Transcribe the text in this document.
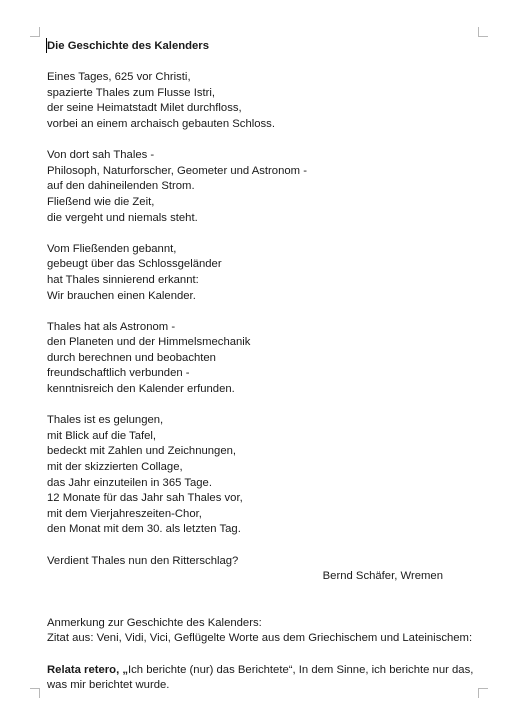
Die Geschichte des Kalenders
Eines Tages, 625 vor Christi,
spazierte Thales zum Flusse Istri,
der seine Heimatstadt Milet durchfloss,
vorbei an einem archaisch gebauten Schloss.
Von dort sah Thales -
Philosoph, Naturforscher, Geometer und Astronom -
auf den dahineilenden Strom.
Fließend wie die Zeit,
die vergeht und niemals steht.
Vom Fließenden gebannt,
gebeugt über das Schlossgeländer
hat Thales sinnierend erkannt:
Wir brauchen einen Kalender.
Thales hat als Astronom -
den Planeten und der Himmelsmechanik
durch berechnen und beobachten
freundschaftlich verbunden -
kenntnisreich den Kalender erfunden.
Thales ist es gelungen,
mit Blick auf die Tafel,
bedeckt mit Zahlen und Zeichnungen,
mit der skizzierten Collage,
das Jahr einzuteilen in 365 Tage.
12 Monate für das Jahr sah Thales vor,
mit dem Vierjahreszeiten-Chor,
den Monat mit dem 30. als letzten Tag.
Verdient Thales nun den Ritterschlag?
Bernd Schäfer, Wremen
Anmerkung zur Geschichte des Kalenders:
Zitat aus: Veni, Vidi, Vici, Geflügelte Worte aus dem Griechischem und Lateinischem:
Relata retero, „Ich berichte (nur) das Berichtete“, In dem Sinne, ich berichte nur das,
was mir berichtet wurde.
